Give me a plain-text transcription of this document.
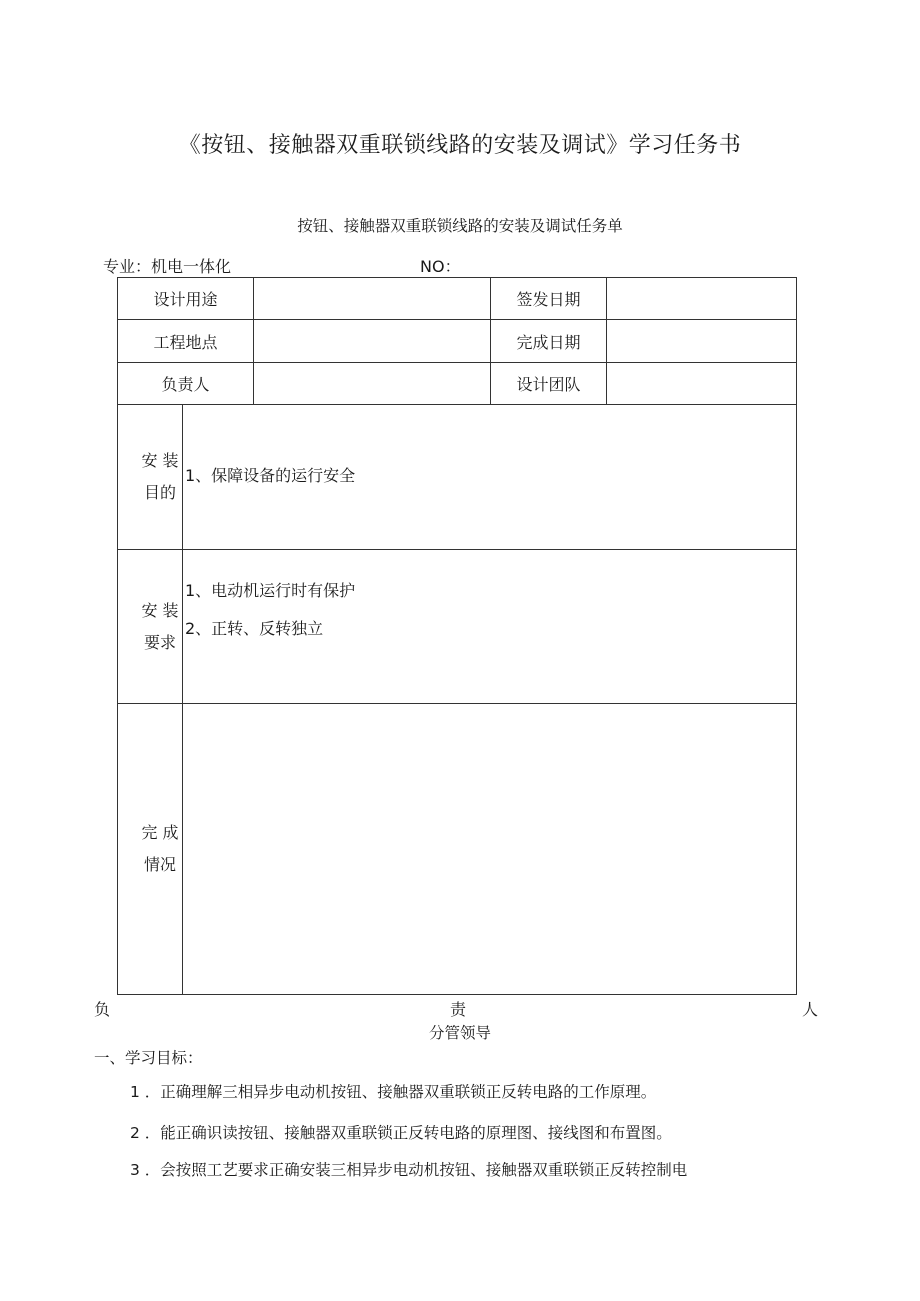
《按钮、接触器双重联锁线路的安装及调试》学习任务书
按钮、接触器双重联锁线路的安装及调试任务单
专业：机电一体化	NO：
设计用途			签发日期	
工程地点			完成日期	
负责人			设计团队	

安 装
目的	1、保障设备的运行安全			

安 装
要求	1、电动机运行时有保护
2、正转、反转独立			

完 成
情况				

负	责	人
分管领导
一、学习目标：
1 ．正确理解三相异步电动机按钮、接触器双重联锁正反转电路的工作原理。
2 ．能正确识读按钮、接触器双重联锁正反转电路的原理图、接线图和布置图。
3 ．会按照工艺要求正确安装三相异步电动机按钮、接触器双重联锁正反转控制电
